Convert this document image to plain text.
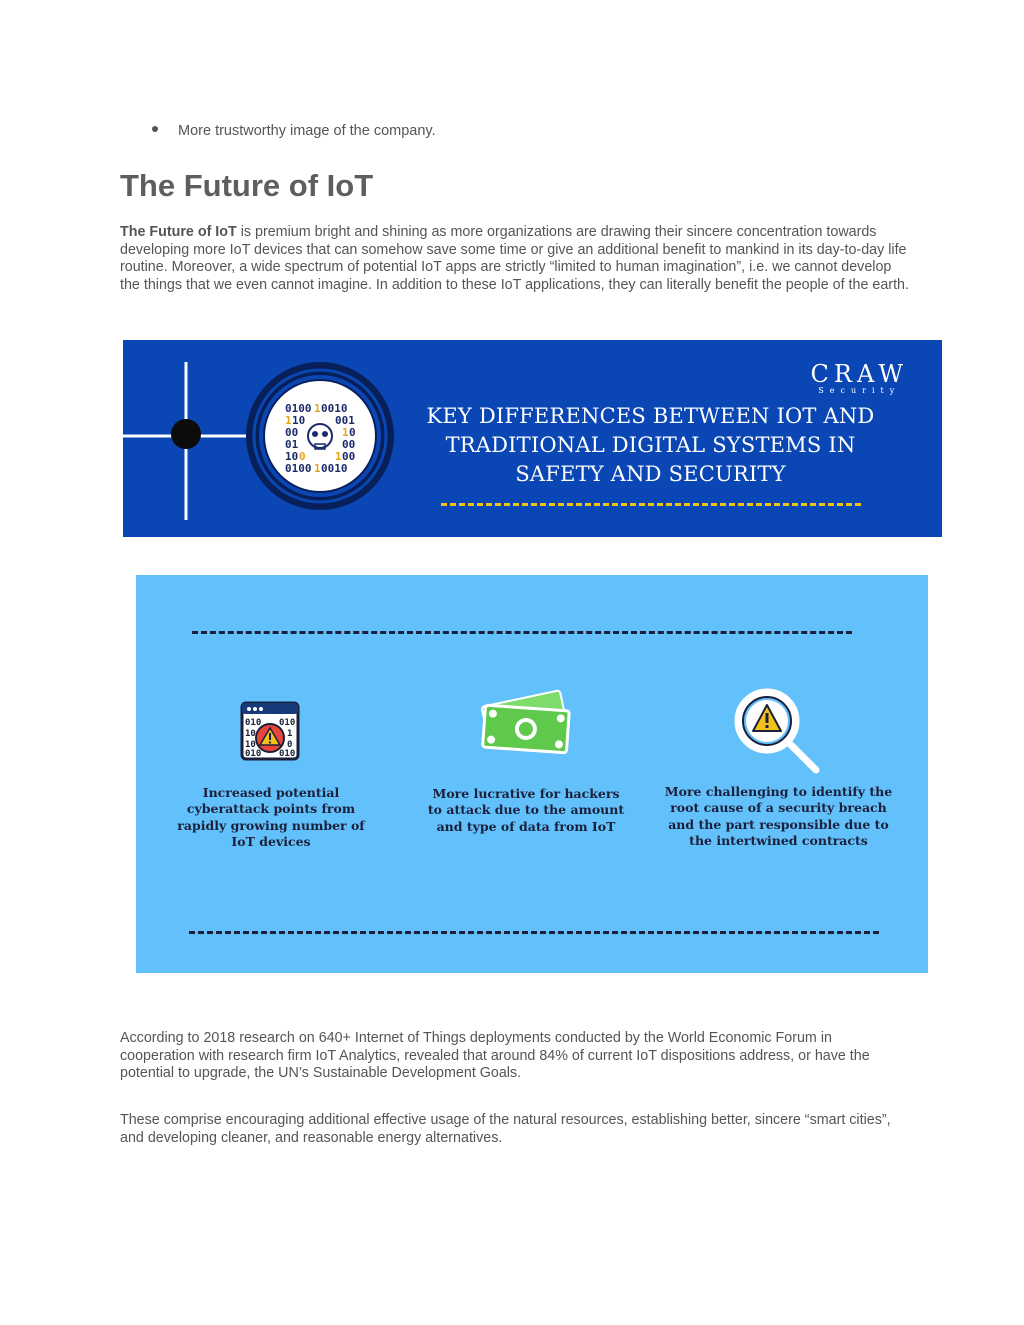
More trustworthy image of the company.
The Future of IoT

The Future of IoT is premium bright and shining as more organizations are drawing their sincere concentration towards developing more IoT devices that can somehow save some time or give an additional benefit to mankind in its day-to-day life routine. Moreover, a wide spectrum of potential IoT apps are strictly “limited to human imagination”, i.e. we cannot develop the things that we even cannot imagine. In addition to these IoT applications, they can literally benefit the people of the earth.

0100 1 0010
1 10	001
00	1 0
01	00
10 0	1 00
0100 1 0010
CRAW
Security
KEY DIFFERENCES BETWEEN IOT AND TRADITIONAL DIGITAL SYSTEMS IN SAFETY AND SECURITY
010 010
10	1
10	0
010 010
Increased potential cyberattack points from rapidly growing number of IoT devices
More lucrative for hackers to attack due to the amount and type of data from IoT
More challenging to identify the root cause of a security breach and the part responsible due to the intertwined contracts

According to 2018 research on 640+ Internet of Things deployments conducted by the World Economic Forum in cooperation with research firm IoT Analytics, revealed that around 84% of current IoT dispositions address, or have the potential to upgrade, the UN’s Sustainable Development Goals.

These comprise encouraging additional effective usage of the natural resources, establishing better, sincere “smart cities”, and developing cleaner, and reasonable energy alternatives.
